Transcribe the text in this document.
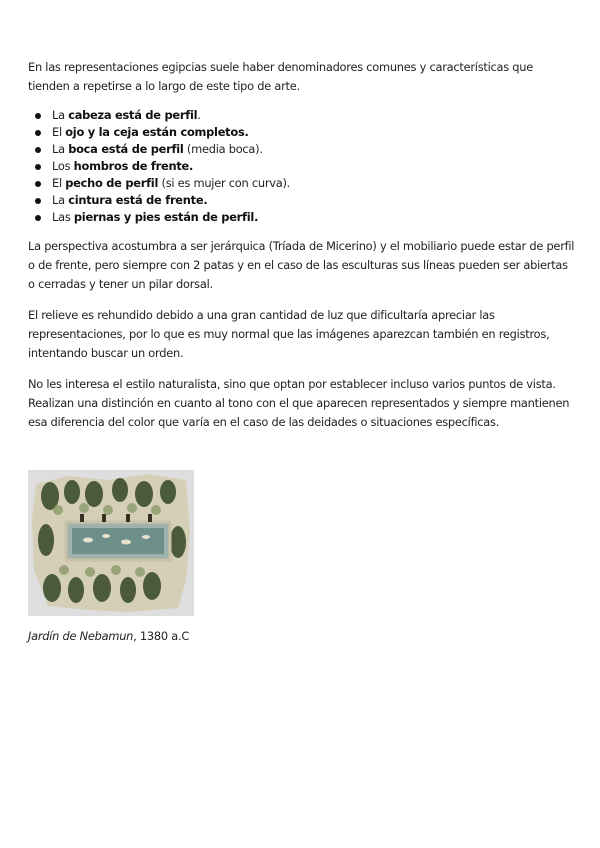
En las representaciones egipcias suele haber denominadores comunes y características que tienden a repetirse a lo largo de este tipo de arte.

La cabeza está de perfil.
El ojo y la ceja están completos.
La boca está de perfil (media boca).
Los hombros de frente.
El pecho de perfil (si es mujer con curva).
La cintura está de frente.
Las piernas y pies están de perfil.

La perspectiva acostumbra a ser jerárquica (Tríada de Micerino) y el mobiliario puede estar de perfil o de frente, pero siempre con 2 patas y en el caso de las esculturas sus líneas pueden ser abiertas o cerradas y tener un pilar dorsal.

El relieve es rehundido debido a una gran cantidad de luz que dificultaría apreciar las representaciones, por lo que es muy normal que las imágenes aparezcan también en registros, intentando buscar un orden.

No les interesa el estilo naturalista, sino que optan por establecer incluso varios puntos de vista. Realizan una distinción en cuanto al tono con el que aparecen representados y siempre mantienen esa diferencia del color que varía en el caso de las deidades o situaciones específicas.

Jardín de Nebamun, 1380 a.C
